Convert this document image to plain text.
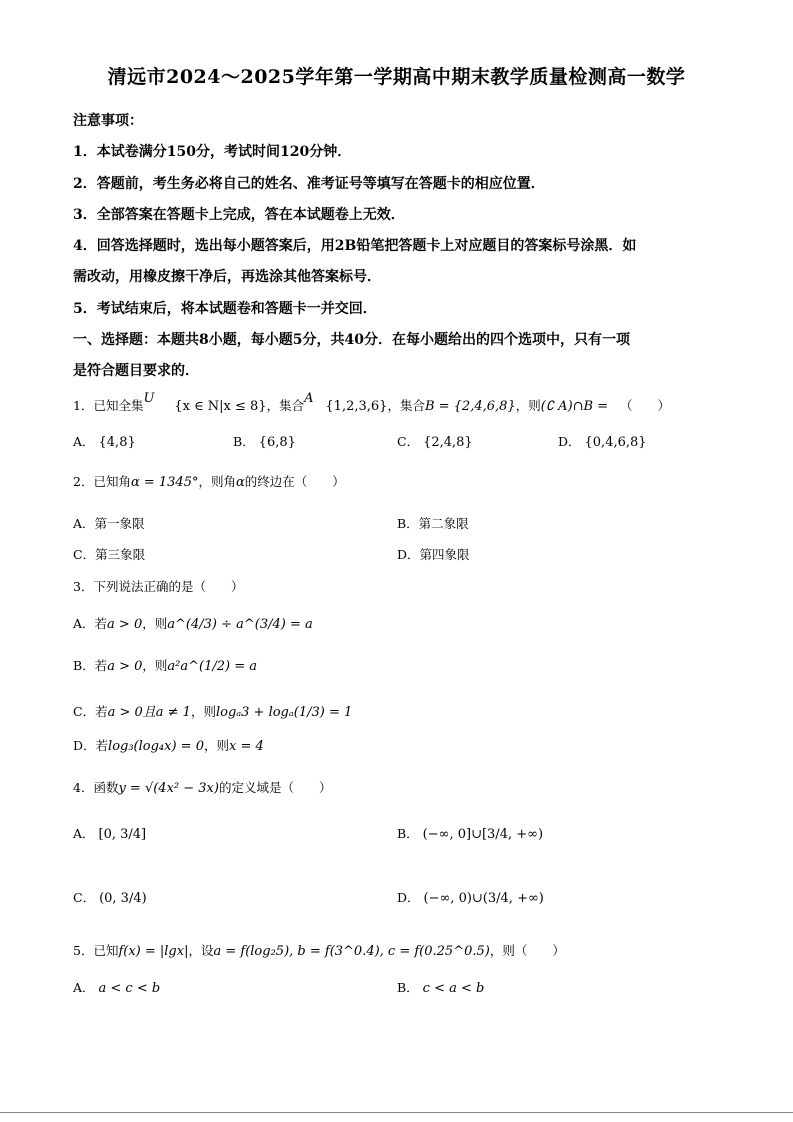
清远市2024～2025学年第一学期高中期末教学质量检测高一数学
注意事项：
1．本试卷满分150分，考试时间120分钟．
2．答题前，考生务必将自己的姓名、准考证号等填写在答题卡的相应位置．
3．全部答案在答题卡上完成，答在本试题卷上无效．
4．回答选择题时，选出每小题答案后，用2B铅笔把答题卡上对应题目的答案标号涂黑．如
需改动，用橡皮擦干净后，再选涂其他答案标号．
5．考试结束后，将本试题卷和答题卡一并交回．
一、选择题：本题共8小题，每小题5分，共40分．在每小题给出的四个选项中，只有一项
是符合题目要求的．
1．已知全集U     {x ∈ N|x ≤ 8}，集合A   {1,2,3,6}，集合B = {2,4,6,8}，则(∁ A)∩B = （　　）
A． {4,8}	B． {6,8}	C． {2,4,8}	D． {0,4,6,8}
2．已知角α = 1345°，则角α的终边在（　　）
A．第一象限	B．第二象限
C．第三象限	D．第四象限
3．下列说法正确的是（　　）
A．若a > 0，则a^(4/3) ÷ a^(3/4) = a
B．若a > 0，则a²a^(1/2) = a
C．若a > 0且a ≠ 1，则logₐ3 + logₐ(1/3) = 1
D．若log₃(log₄x) = 0，则x = 4
4．函数y = √(4x² − 3x)的定义域是（　　）
A． [0, 3/4]	B． (−∞, 0]∪[3/4, +∞)
C． (0, 3/4)	D． (−∞, 0)∪(3/4, +∞)
5．已知f(x) = |lgx|，设a = f(log₂5), b = f(3^0.4), c = f(0.25^0.5)，则（　　）
A． a < c < b	B． c < a < b
